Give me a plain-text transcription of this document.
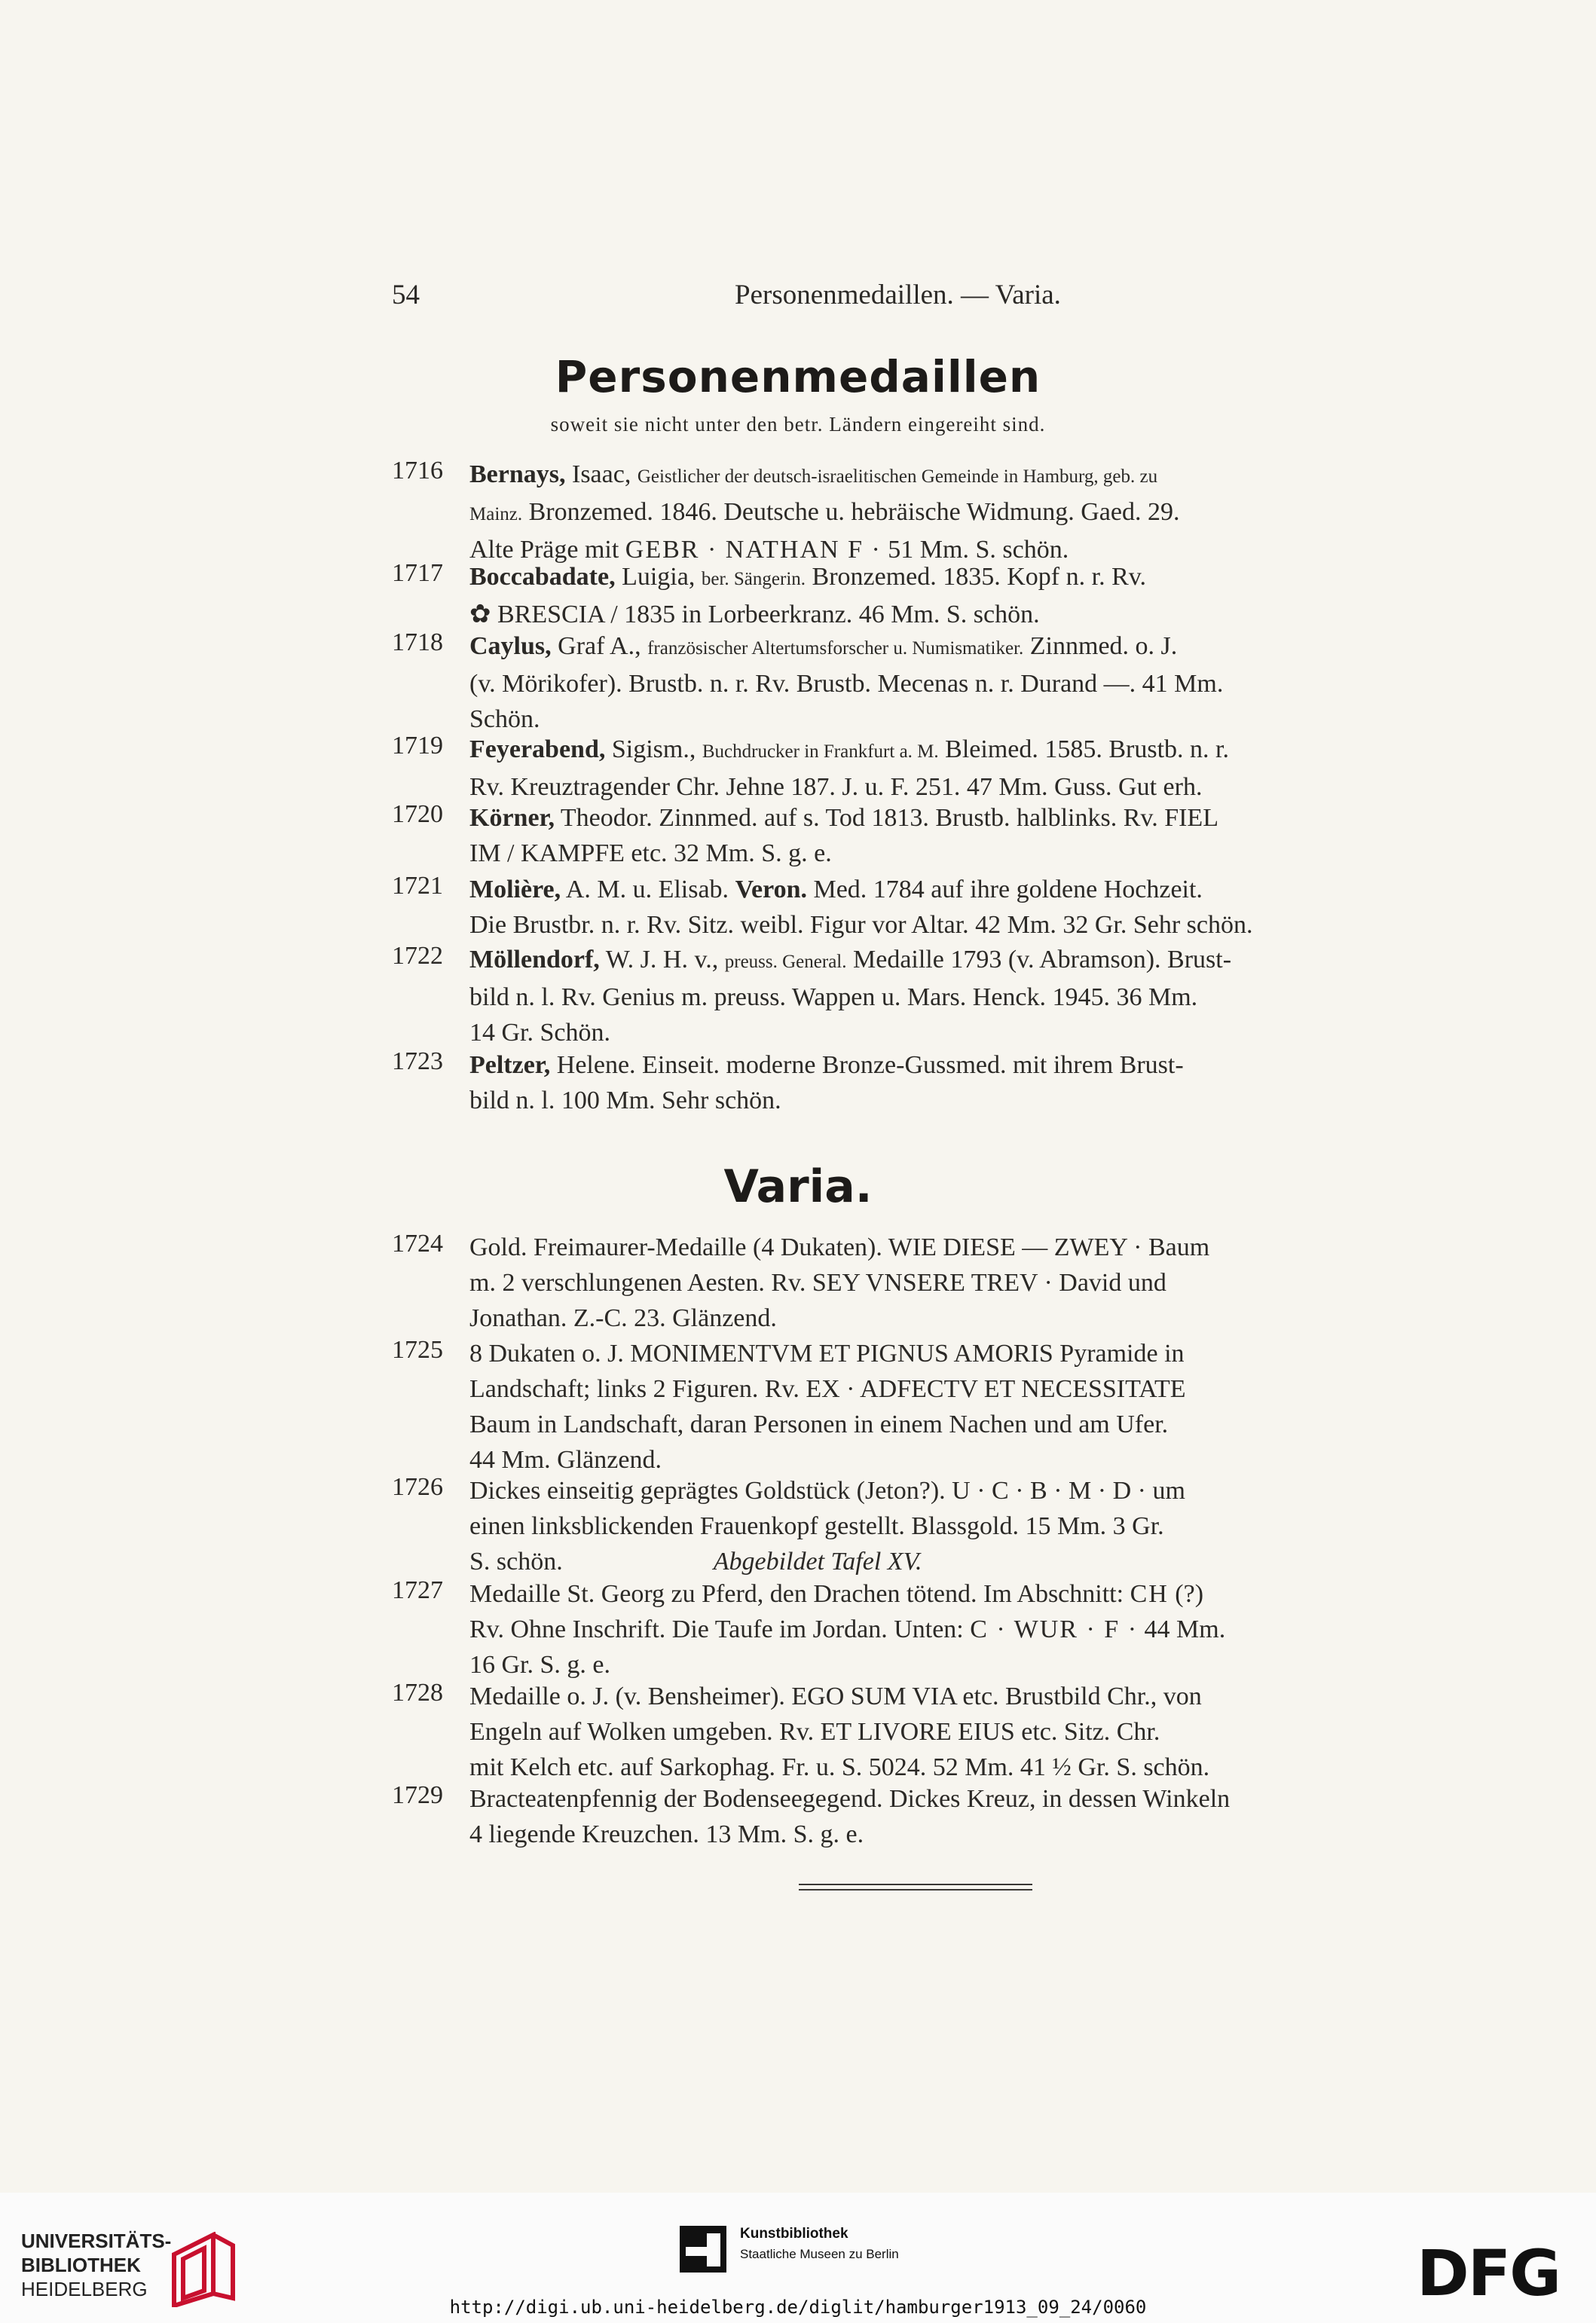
54	Personenmedaillen. — Varia.
Personenmedaillen
soweit sie nicht unter den betr. Ländern eingereiht sind.
1716	Bernays, Isaac, Geistlicher der deutsch-israelitischen Gemeinde in Hamburg, geb. zu
Mainz. Bronzemed. 1846. Deutsche u. hebräische Widmung. Gaed. 29.
Alte Präge mit GEBR · NATHAN F · 51 Mm. S. schön.
1717	Boccabadate, Luigia, ber. Sängerin. Bronzemed. 1835. Kopf n. r. Rv.
✿ BRESCIA / 1835 in Lorbeerkranz. 46 Mm. S. schön.
1718	Caylus, Graf A., französischer Altertumsforscher u. Numismatiker. Zinnmed. o. J.
(v. Mörikofer). Brustb. n. r. Rv. Brustb. Mecenas n. r. Durand —. 41 Mm.
Schön.
1719	Feyerabend, Sigism., Buchdrucker in Frankfurt a. M. Bleimed. 1585. Brustb. n. r.
Rv. Kreuztragender Chr. Jehne 187. J. u. F. 251. 47 Mm. Guss. Gut erh.
1720	Körner, Theodor. Zinnmed. auf s. Tod 1813. Brustb. halblinks. Rv. FIEL
IM / KAMPFE etc. 32 Mm. S. g. e.
1721	Molière, A. M. u. Elisab. Veron. Med. 1784 auf ihre goldene Hochzeit.
Die Brustbr. n. r. Rv. Sitz. weibl. Figur vor Altar. 42 Mm. 32 Gr. Sehr schön.
1722	Möllendorf, W. J. H. v., preuss. General. Medaille 1793 (v. Abramson). Brust-
bild n. l. Rv. Genius m. preuss. Wappen u. Mars. Henck. 1945. 36 Mm.
14 Gr. Schön.
1723	Peltzer, Helene. Einseit. moderne Bronze-Gussmed. mit ihrem Brust-
bild n. l. 100 Mm. Sehr schön.
Varia.
1724	Gold. Freimaurer-Medaille (4 Dukaten). WIE DIESE — ZWEY · Baum
m. 2 verschlungenen Aesten. Rv. SEY VNSERE TREV · David und
Jonathan. Z.-C. 23. Glänzend.
1725	8 Dukaten o. J. MONIMENTVM ET PIGNUS AMORIS Pyramide in
Landschaft; links 2 Figuren. Rv. EX · ADFECTV ET NECESSITATE
Baum in Landschaft, daran Personen in einem Nachen und am Ufer.
44 Mm. Glänzend.
1726	Dickes einseitig geprägtes Goldstück (Jeton?). U · C · B · M · D · um
einen linksblickenden Frauenkopf gestellt. Blassgold. 15 Mm. 3 Gr.
S. schön.	Abgebildet Tafel XV.
1727	Medaille St. Georg zu Pferd, den Drachen tötend. Im Abschnitt: CH (?)
Rv. Ohne Inschrift. Die Taufe im Jordan. Unten: C · WUR · F · 44 Mm.
16 Gr. S. g. e.
1728	Medaille o. J. (v. Bensheimer). EGO SUM VIA etc. Brustbild Chr., von
Engeln auf Wolken umgeben. Rv. ET LIVORE EIUS etc. Sitz. Chr.
mit Kelch etc. auf Sarkophag. Fr. u. S. 5024. 52 Mm. 41 ½ Gr. S. schön.
1729	Bracteatenpfennig der Bodenseegegend. Dickes Kreuz, in dessen Winkeln
4 liegende Kreuzchen. 13 Mm. S. g. e.
UNIVERSITÄTS-
BIBLIOTHEK
HEIDELBERG
Kunstbibliothek
Staatliche Museen zu Berlin	DFG
http://digi.ub.uni-heidelberg.de/diglit/hamburger1913_09_24/0060
